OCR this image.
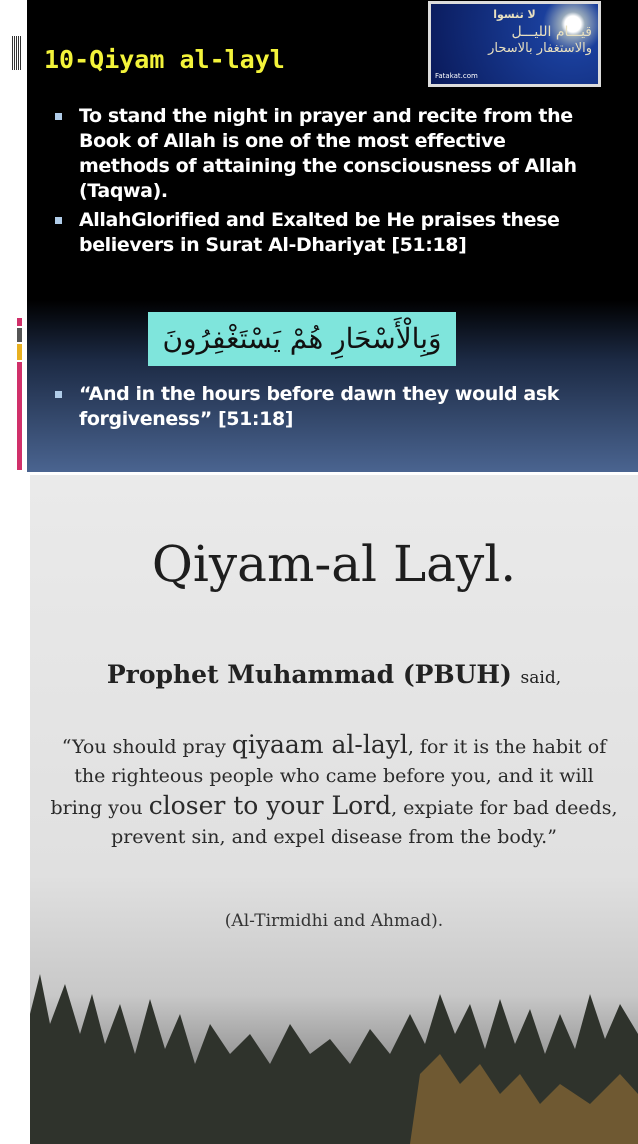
10-Qiyam al-layl
لا تنسوا
قيـــام الليـــل
والاستغفار بالاسحار
Fatakat.com
To stand the night in prayer and recite from the Book of Allah is one of the most effective methods of attaining the consciousness of Allah (Taqwa).
AllahGlorified and Exalted be He praises these believers in Surat Al-Dhariyat [51:18]
وَبِالْأَسْحَارِ هُمْ يَسْتَغْفِرُونَ
“And in the hours before dawn they would ask forgiveness” [51:18]
Qiyam-al Layl.
Prophet Muhammad (PBUH) said,
“You should pray qiyaam al-layl, for it is the habit of the righteous people who came before you, and it will bring you closer to your Lord, expiate for bad deeds, prevent sin, and expel disease from the body.”
(Al-Tirmidhi and Ahmad).
